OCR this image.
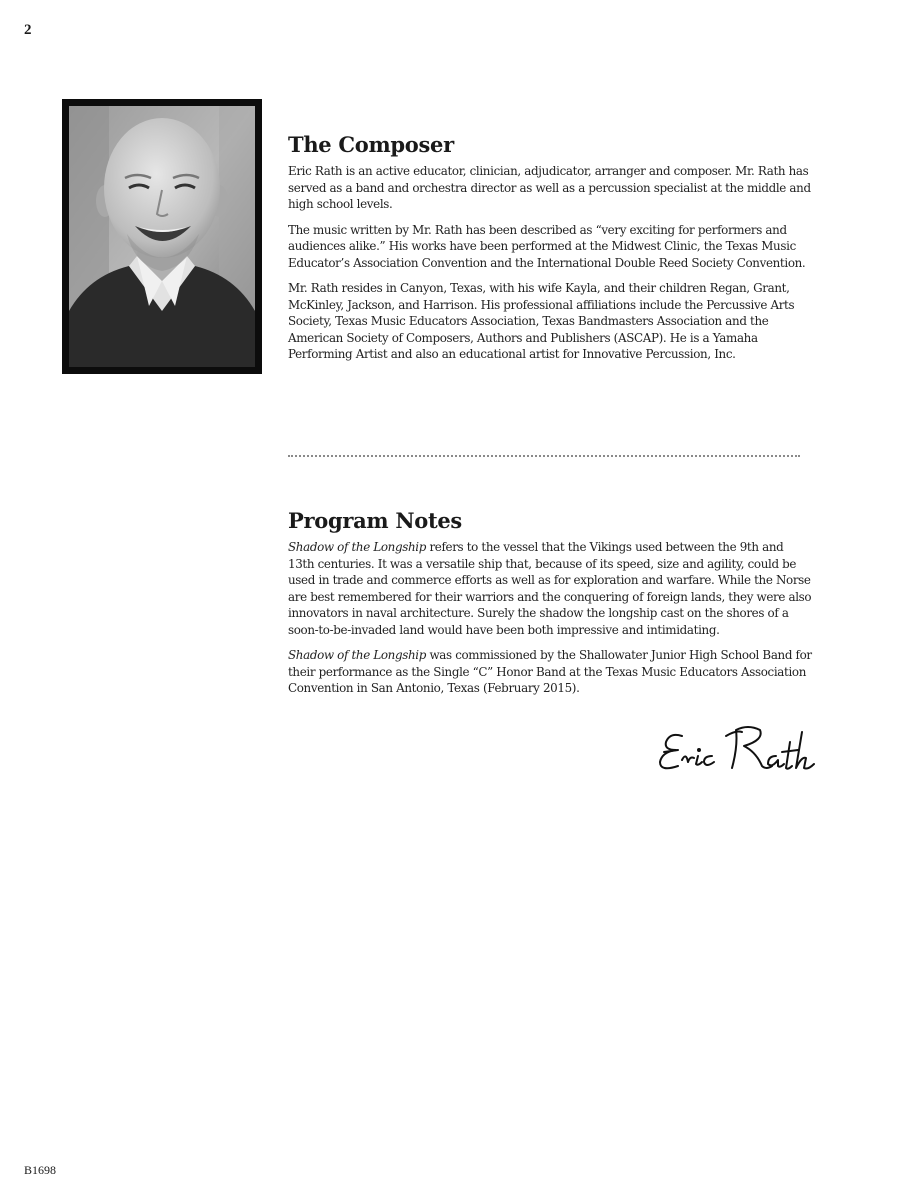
2
The Composer

Eric Rath is an active educator, clinician, adjudicator, arranger and composer. Mr. Rath has served as a band and orchestra director as well as a percussion specialist at the middle and high school levels.

The music written by Mr. Rath has been described as “very exciting for performers and audiences alike.” His works have been performed at the Midwest Clinic, the Texas Music Educator’s Association Convention and the International Double Reed Society Convention.

Mr. Rath resides in Canyon, Texas, with his wife Kayla, and their children Regan, Grant, McKinley, Jackson, and Harrison. His professional affiliations include the Percussive Arts Society, Texas Music Educators Association, Texas Bandmasters Association and the American Society of Composers, Authors and Publishers (ASCAP). He is a Yamaha Performing Artist and also an educational artist for Innovative Percussion, Inc.

Program Notes

Shadow of the Longship refers to the vessel that the Vikings used between the 9th and 13th centuries. It was a versatile ship that, because of its speed, size and agility, could be used in trade and commerce efforts as well as for exploration and warfare. While the Norse are best remembered for their warriors and the conquering of foreign lands, they were also innovators in naval architecture. Surely the shadow the longship cast on the shores of a soon-to-be-invaded land would have been both impressive and intimidating.

Shadow of the Longship was commissioned by the Shallowater Junior High School Band for their performance as the Single “C” Honor Band at the Texas Music Educators Association Convention in San Antonio, Texas (February 2015).

B1698
